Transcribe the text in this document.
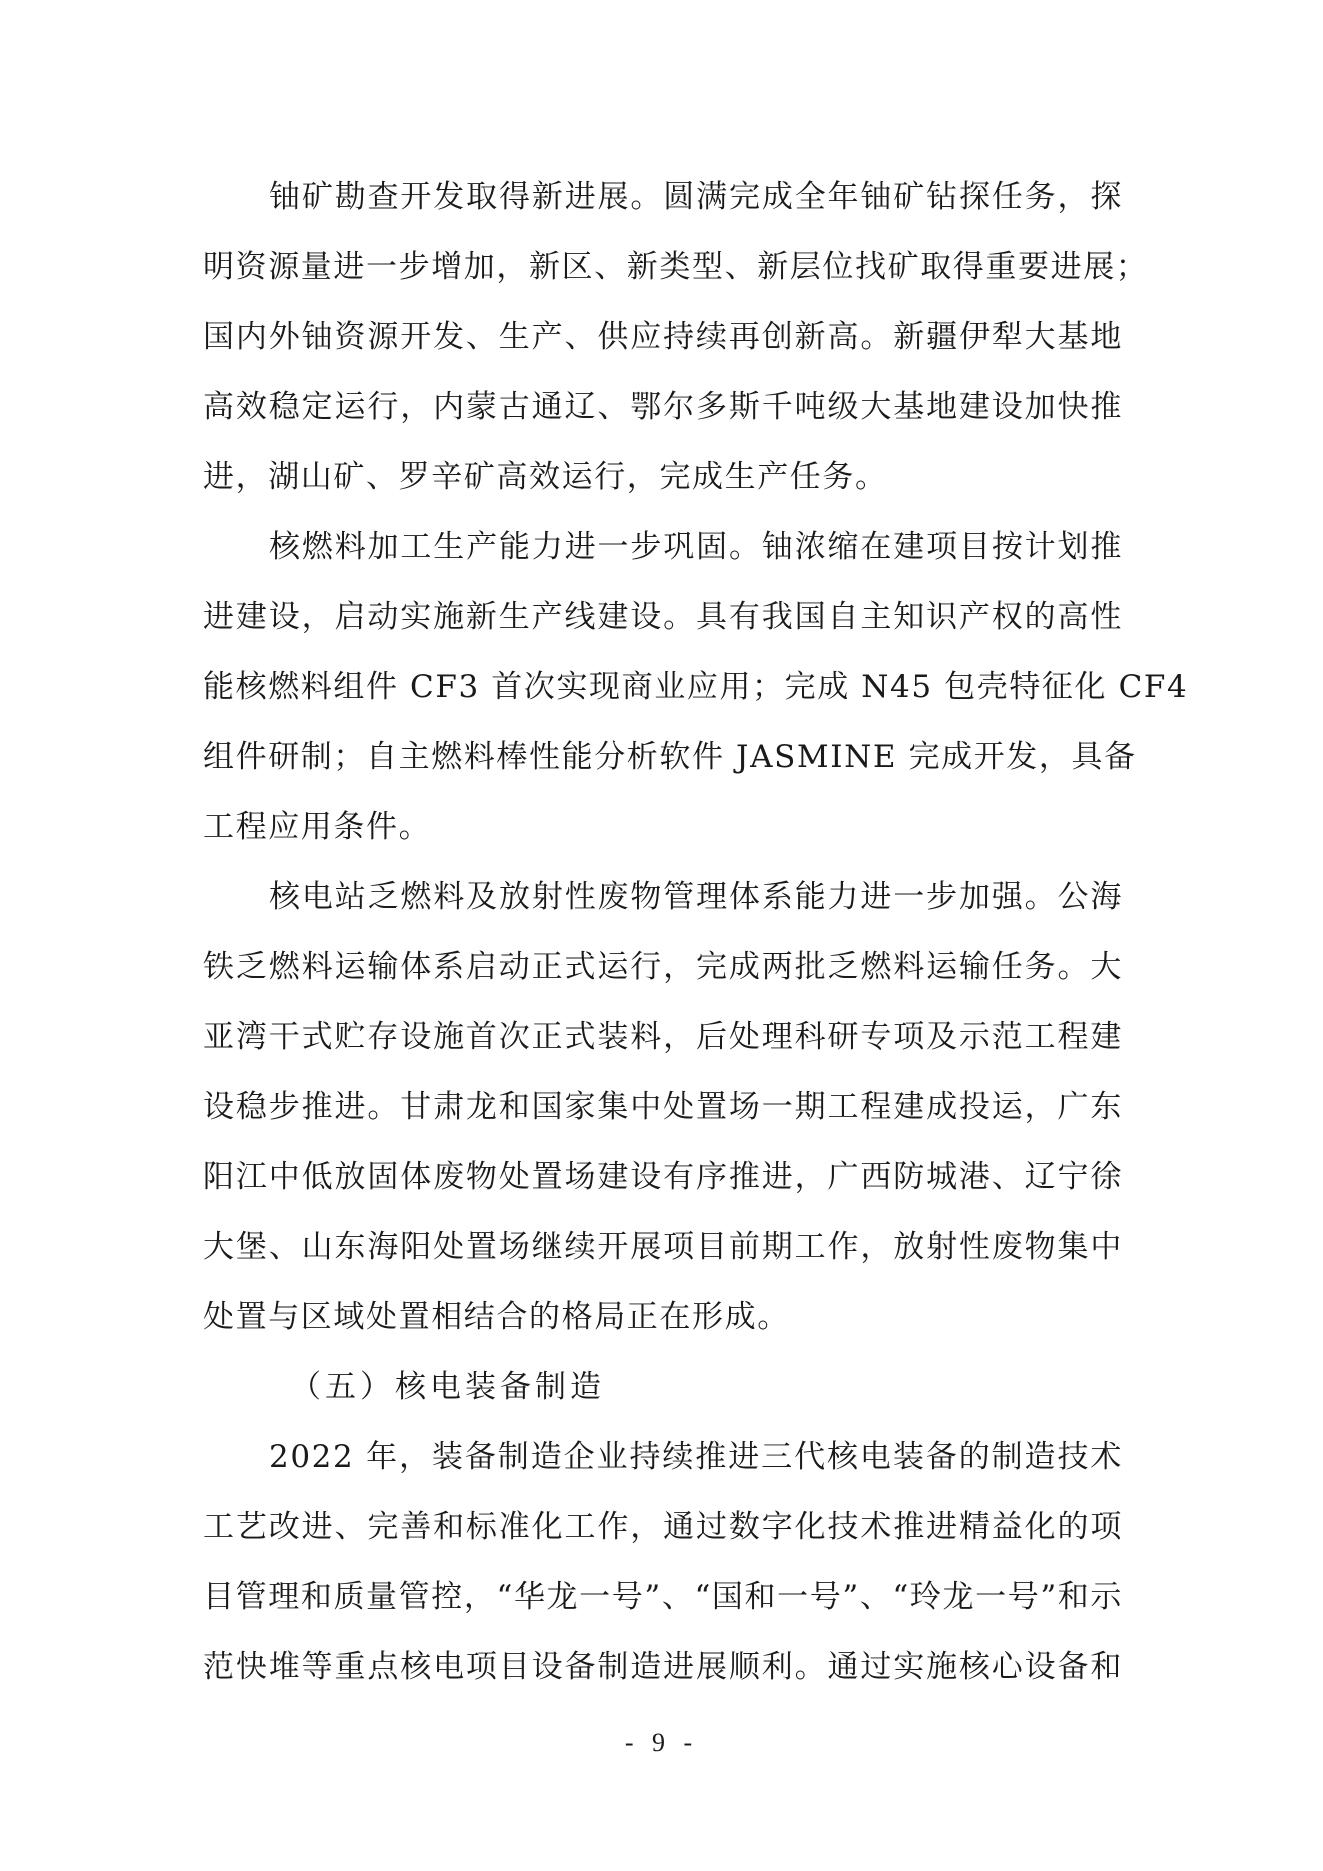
铀矿勘查开发取得新进展。圆满完成全年铀矿钻探任务，探
明资源量进一步增加，新区、新类型、新层位找矿取得重要进展；
国内外铀资源开发、生产、供应持续再创新高。新疆伊犁大基地
高效稳定运行，内蒙古通辽、鄂尔多斯千吨级大基地建设加快推
进，湖山矿、罗辛矿高效运行，完成生产任务。
核燃料加工生产能力进一步巩固。铀浓缩在建项目按计划推
进建设，启动实施新生产线建设。具有我国自主知识产权的高性
能核燃料组件 CF3 首次实现商业应用；完成 N45 包壳特征化 CF4
组件研制；自主燃料棒性能分析软件 JASMINE 完成开发，具备
工程应用条件。
核电站乏燃料及放射性废物管理体系能力进一步加强。公海
铁乏燃料运输体系启动正式运行，完成两批乏燃料运输任务。大
亚湾干式贮存设施首次正式装料，后处理科研专项及示范工程建
设稳步推进。甘肃龙和国家集中处置场一期工程建成投运，广东
阳江中低放固体废物处置场建设有序推进，广西防城港、辽宁徐
大堡、山东海阳处置场继续开展项目前期工作，放射性废物集中
处置与区域处置相结合的格局正在形成。
（五）核电装备制造
2022 年，装备制造企业持续推进三代核电装备的制造技术
工艺改进、完善和标准化工作，通过数字化技术推进精益化的项
目管理和质量管控，“华龙一号”、“国和一号”、“玲龙一号”和示
范快堆等重点核电项目设备制造进展顺利。通过实施核心设备和
- 9 -
